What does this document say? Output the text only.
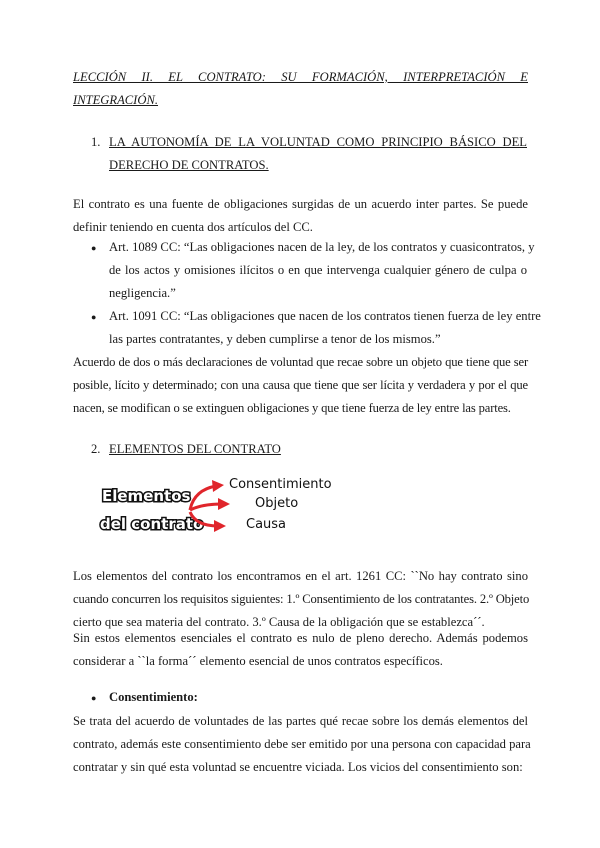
LECCIÓN II. EL CONTRATO: SU FORMACIÓN, INTERPRETACIÓN E
INTEGRACIÓN.
1. LA AUTONOMÍA DE LA VOLUNTAD COMO PRINCIPIO BÁSICO DEL
DERECHO DE CONTRATOS.
El contrato es una fuente de obligaciones surgidas de un acuerdo inter partes. Se puede
definir teniendo en cuenta dos artículos del CC.
● Art. 1089 CC: “Las obligaciones nacen de la ley, de los contratos y cuasicontratos, y
de los actos y omisiones ilícitos o en que intervenga cualquier género de culpa o
negligencia.”
● Art. 1091 CC: “Las obligaciones que nacen de los contratos tienen fuerza de ley entre
las partes contratantes, y deben cumplirse a tenor de los mismos.”
Acuerdo de dos o más declaraciones de voluntad que recae sobre un objeto que tiene que ser
posible, lícito y determinado; con una causa que tiene que ser lícita y verdadera y por el que
nacen, se modifican o se extinguen obligaciones y que tiene fuerza de ley entre las partes.
2. ELEMENTOS DEL CONTRATO
Elementos
del contrato
Consentimiento
Objeto
Causa
Los elementos del contrato los encontramos en el art. 1261 CC: ``No hay contrato sino
cuando concurren los requisitos siguientes: 1.º Consentimiento de los contratantes. 2.º Objeto
cierto que sea materia del contrato. 3.º Causa de la obligación que se establezca´´.
Sin estos elementos esenciales el contrato es nulo de pleno derecho. Además podemos
considerar a ``la forma´´ elemento esencial de unos contratos específicos.
● Consentimiento:
Se trata del acuerdo de voluntades de las partes qué recae sobre los demás elementos del
contrato, además este consentimiento debe ser emitido por una persona con capacidad para
contratar y sin qué esta voluntad se encuentre viciada. Los vicios del consentimiento son:
